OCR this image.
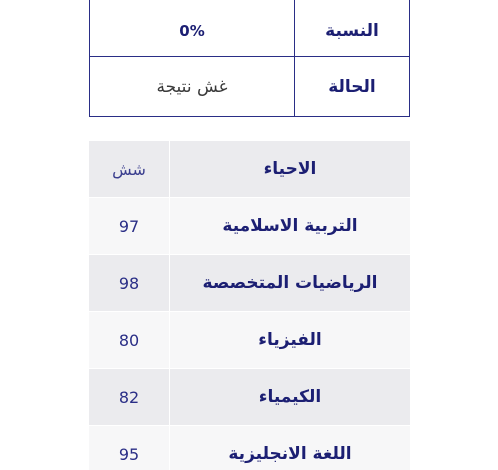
النسبة
0%
الحالة
غش نتيجة
الاحياء
شش
التربية الاسلامية
97
الرياضيات المتخصصة
98
الفيزياء
80
الكيمياء
82
اللغة الانجليزية
95
